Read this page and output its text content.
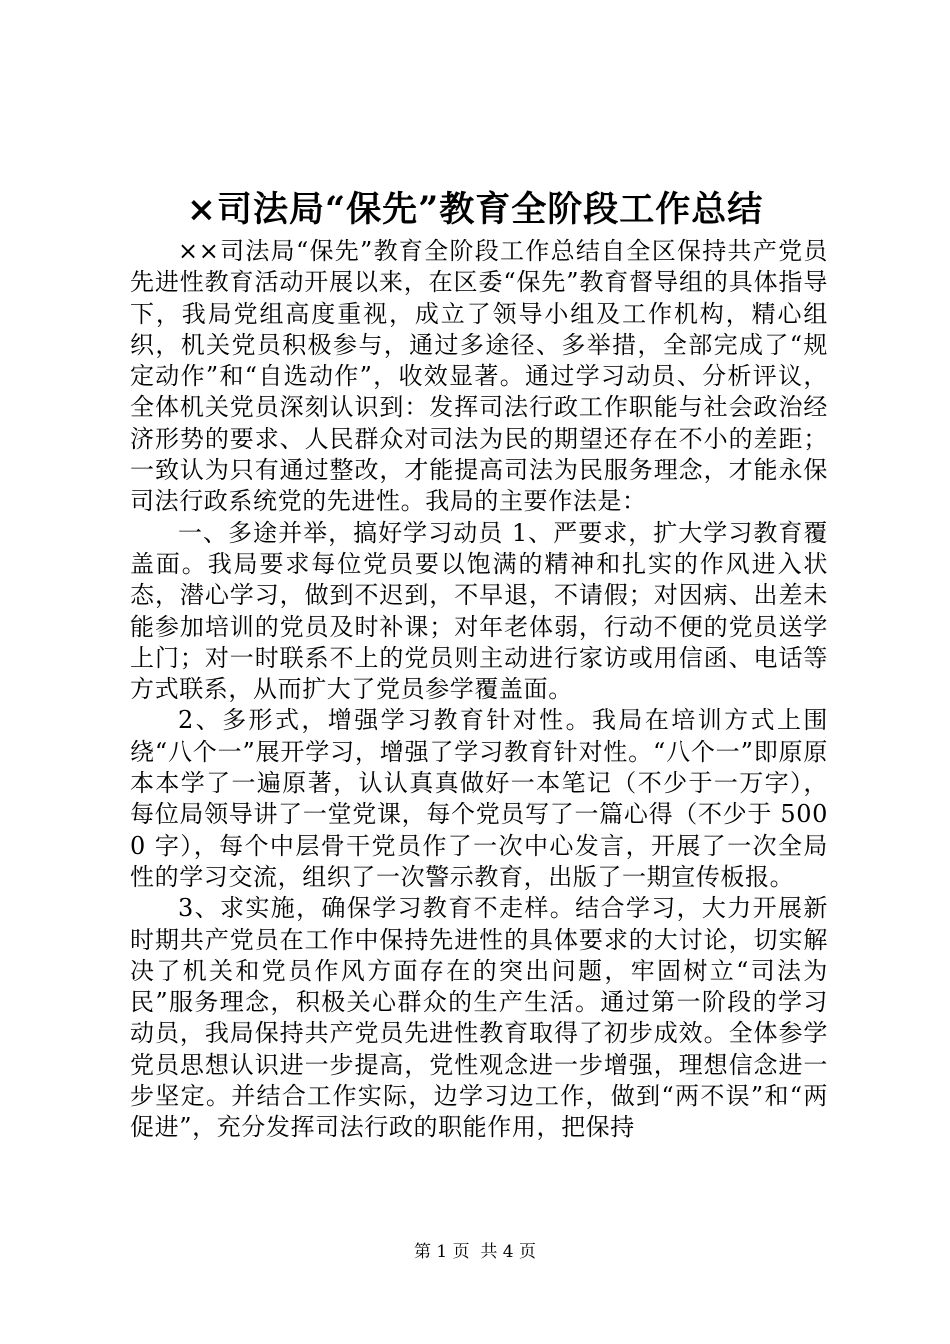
×司法局“保先”教育全阶段工作总结

××司法局“保先”教育全阶段工作总结自全区保持共产党员先进性教育活动开展以来，在区委“保先”教育督导组的具体指导下，我局党组高度重视，成立了领导小组及工作机构，精心组织，机关党员积极参与，通过多途径、多举措，全部完成了“规定动作”和“自选动作”，收效显著。通过学习动员、分析评议，全体机关党员深刻认识到：发挥司法行政工作职能与社会政治经济形势的要求、人民群众对司法为民的期望还存在不小的差距；一致认为只有通过整改，才能提高司法为民服务理念，才能永保司法行政系统党的先进性。我局的主要作法是：

一、多途并举，搞好学习动员 1、严要求，扩大学习教育覆盖面。我局要求每位党员要以饱满的精神和扎实的作风进入状态，潜心学习，做到不迟到，不早退，不请假；对因病、出差未能参加培训的党员及时补课；对年老体弱，行动不便的党员送学上门；对一时联系不上的党员则主动进行家访或用信函、电话等方式联系，从而扩大了党员参学覆盖面。

2、多形式，增强学习教育针对性。我局在培训方式上围绕“八个一”展开学习，增强了学习教育针对性。“八个一”即原原本本学了一遍原著，认认真真做好一本笔记（不少于一万字），每位局领导讲了一堂党课，每个党员写了一篇心得（不少于 5000 字），每个中层骨干党员作了一次中心发言，开展了一次全局性的学习交流，组织了一次警示教育，出版了一期宣传板报。

3、求实施，确保学习教育不走样。结合学习，大力开展新时期共产党员在工作中保持先进性的具体要求的大讨论，切实解决了机关和党员作风方面存在的突出问题，牢固树立“司法为民”服务理念，积极关心群众的生产生活。通过第一阶段的学习动员，我局保持共产党员先进性教育取得了初步成效。全体参学党员思想认识进一步提高，党性观念进一步增强，理想信念进一步坚定。并结合工作实际，边学习边工作，做到“两不误”和“两促进”，充分发挥司法行政的职能作用，把保持

第 1 页  共 4 页
